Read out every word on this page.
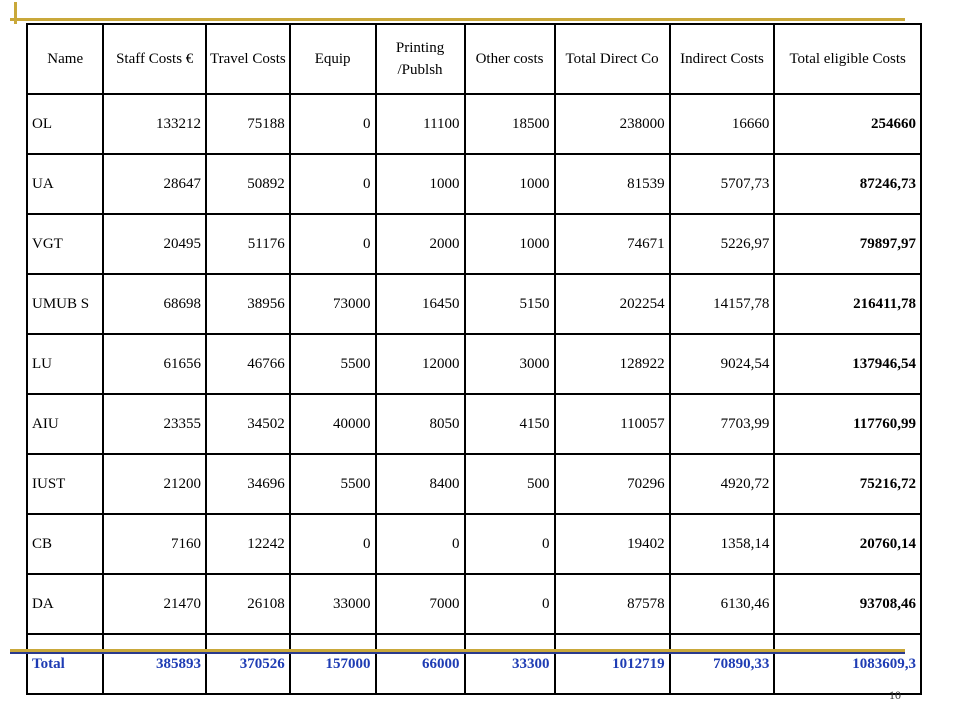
Name	Staff Costs €	Travel Costs	Equip	Printing /Publsh	Other costs	Total Direct Co	Indirect Costs	Total eligible Costs
OL	133212	75188	0	11100	18500	238000	16660	254660
UA	28647	50892	0	1000	1000	81539	5707,73	87246,73
VGT	20495	51176	0	2000	1000	74671	5226,97	79897,97
UMUB S	68698	38956	73000	16450	5150	202254	14157,78	216411,78
LU	61656	46766	5500	12000	3000	128922	9024,54	137946,54
AIU	23355	34502	40000	8050	4150	110057	7703,99	117760,99
IUST	21200	34696	5500	8400	500	70296	4920,72	75216,72
CB	7160	12242	0	0	0	19402	1358,14	20760,14
DA	21470	26108	33000	7000	0	87578	6130,46	93708,46
Total	385893	370526	157000	66000	33300	1012719	70890,33	1083609,3
10
